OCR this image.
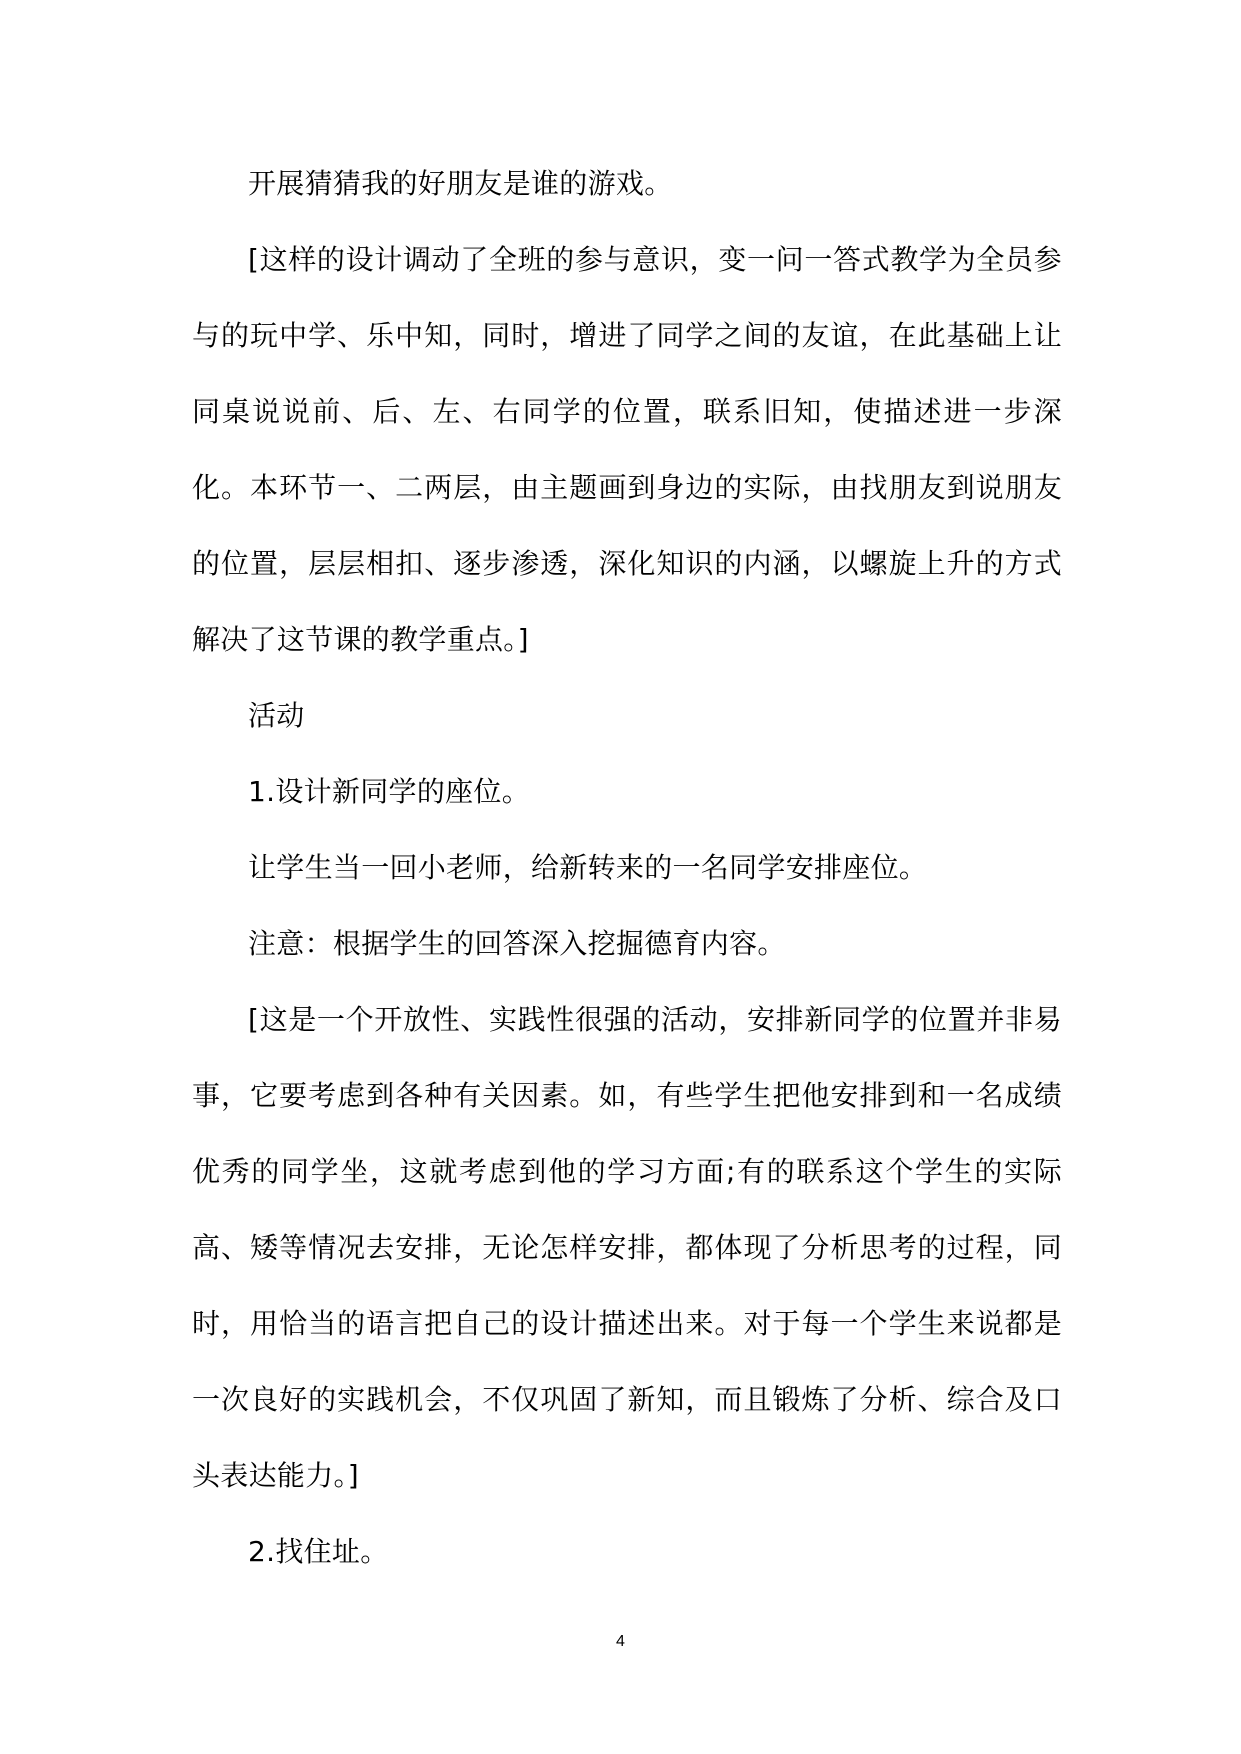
开展猜猜我的好朋友是谁的游戏。

[这样的设计调动了全班的参与意识，变一问一答式教学为全员参与的玩中学、乐中知，同时，增进了同学之间的友谊，在此基础上让同桌说说前、后、左、右同学的位置，联系旧知，使描述进一步深化。本环节一、二两层，由主题画到身边的实际，由找朋友到说朋友的位置，层层相扣、逐步渗透，深化知识的内涵，以螺旋上升的方式解决了这节课的教学重点。]

活动

1.设计新同学的座位。

让学生当一回小老师，给新转来的一名同学安排座位。

注意：根据学生的回答深入挖掘德育内容。

[这是一个开放性、实践性很强的活动，安排新同学的位置并非易事，它要考虑到各种有关因素。如，有些学生把他安排到和一名成绩优秀的同学坐，这就考虑到他的学习方面;有的联系这个学生的实际高、矮等情况去安排，无论怎样安排，都体现了分析思考的过程，同时，用恰当的语言把自己的设计描述出来。对于每一个学生来说都是一次良好的实践机会，不仅巩固了新知，而且锻炼了分析、综合及口头表达能力。]

2.找住址。

4
